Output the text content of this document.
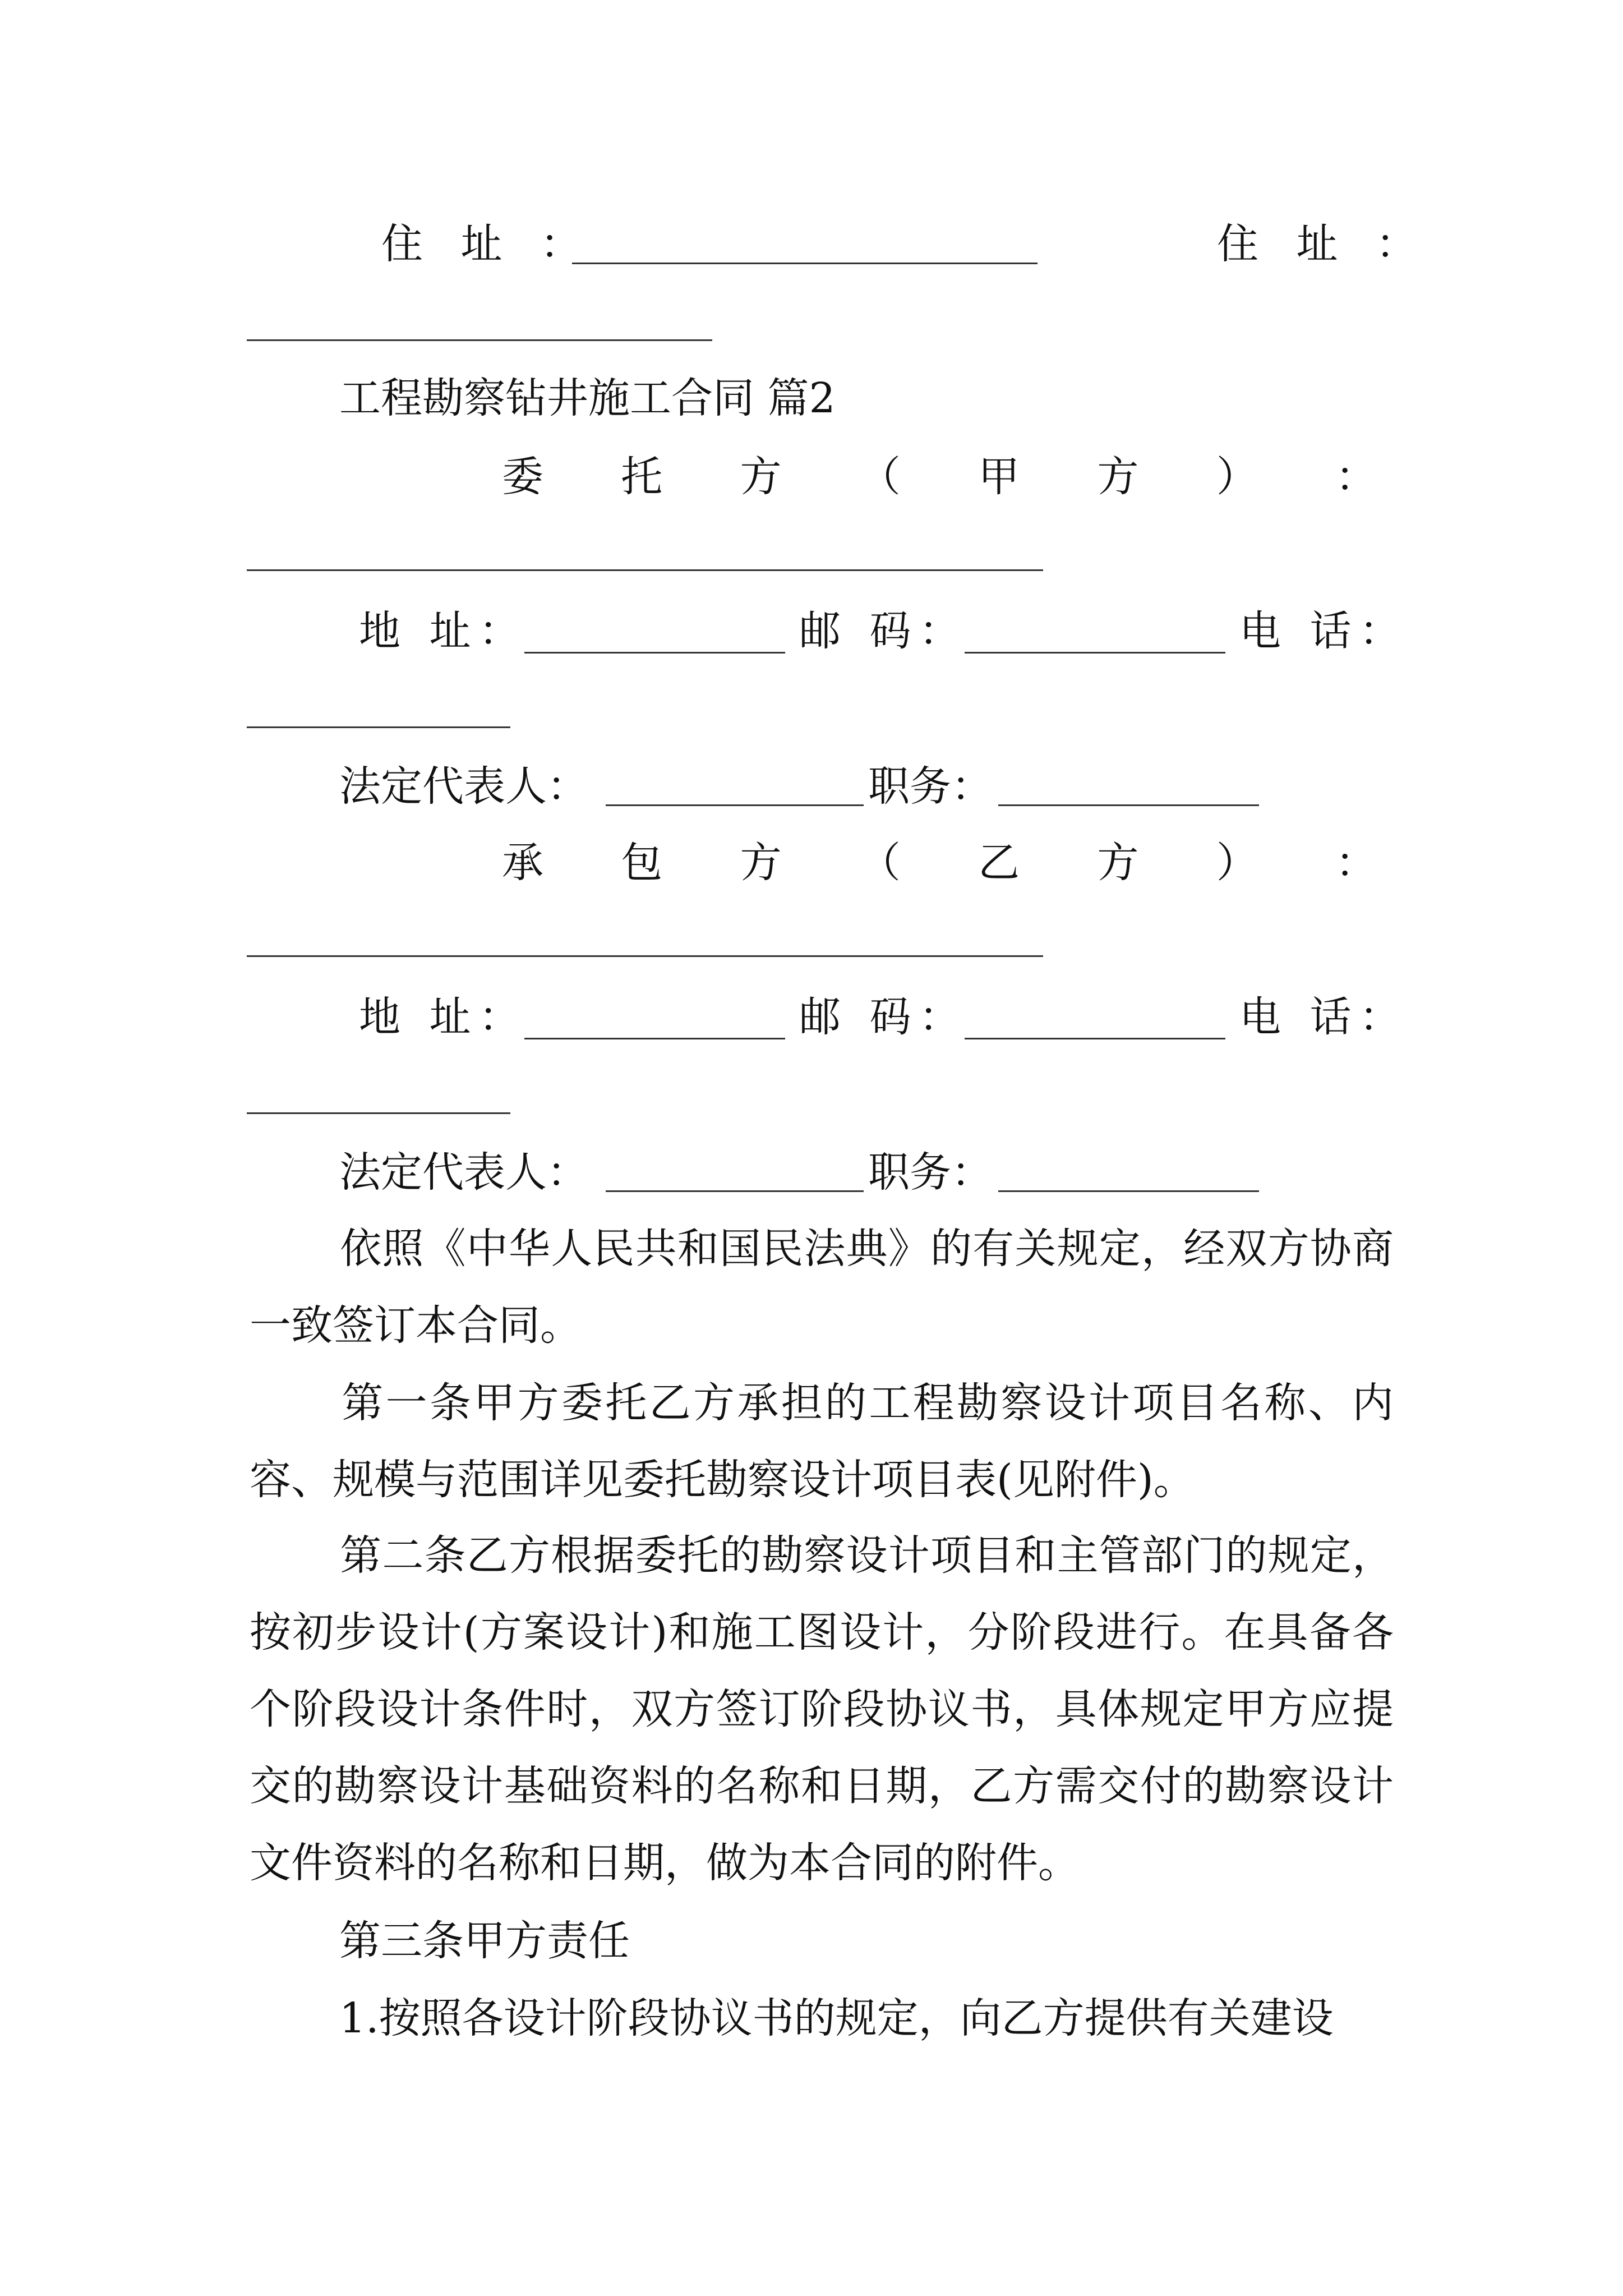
住 址 ：	住 址 ：
工程勘察钻井施工合同 篇2
委 托 方 （ 甲 方 ） ：
地 址：	邮 码：	电 话：
法定代表人：	职务：
承 包 方 （ 乙 方 ） ：
地 址：	邮 码：	电 话：
法定代表人：	职务：
依照《中华人民共和国民法典》的有关规定，经双方协商一致签订本合同。
第一条甲方委托乙方承担的工程勘察设计项目名称、内容、规模与范围详见委托勘察设计项目表(见附件)。
第二条乙方根据委托的勘察设计项目和主管部门的规定，按初步设计(方案设计)和施工图设计，分阶段进行。在具备各个阶段设计条件时，双方签订阶段协议书，具体规定甲方应提交的勘察设计基础资料的名称和日期，乙方需交付的勘察设计文件资料的名称和日期，做为本合同的附件。
第三条甲方责任
1.按照各设计阶段协议书的规定，向乙方提供有关建设
